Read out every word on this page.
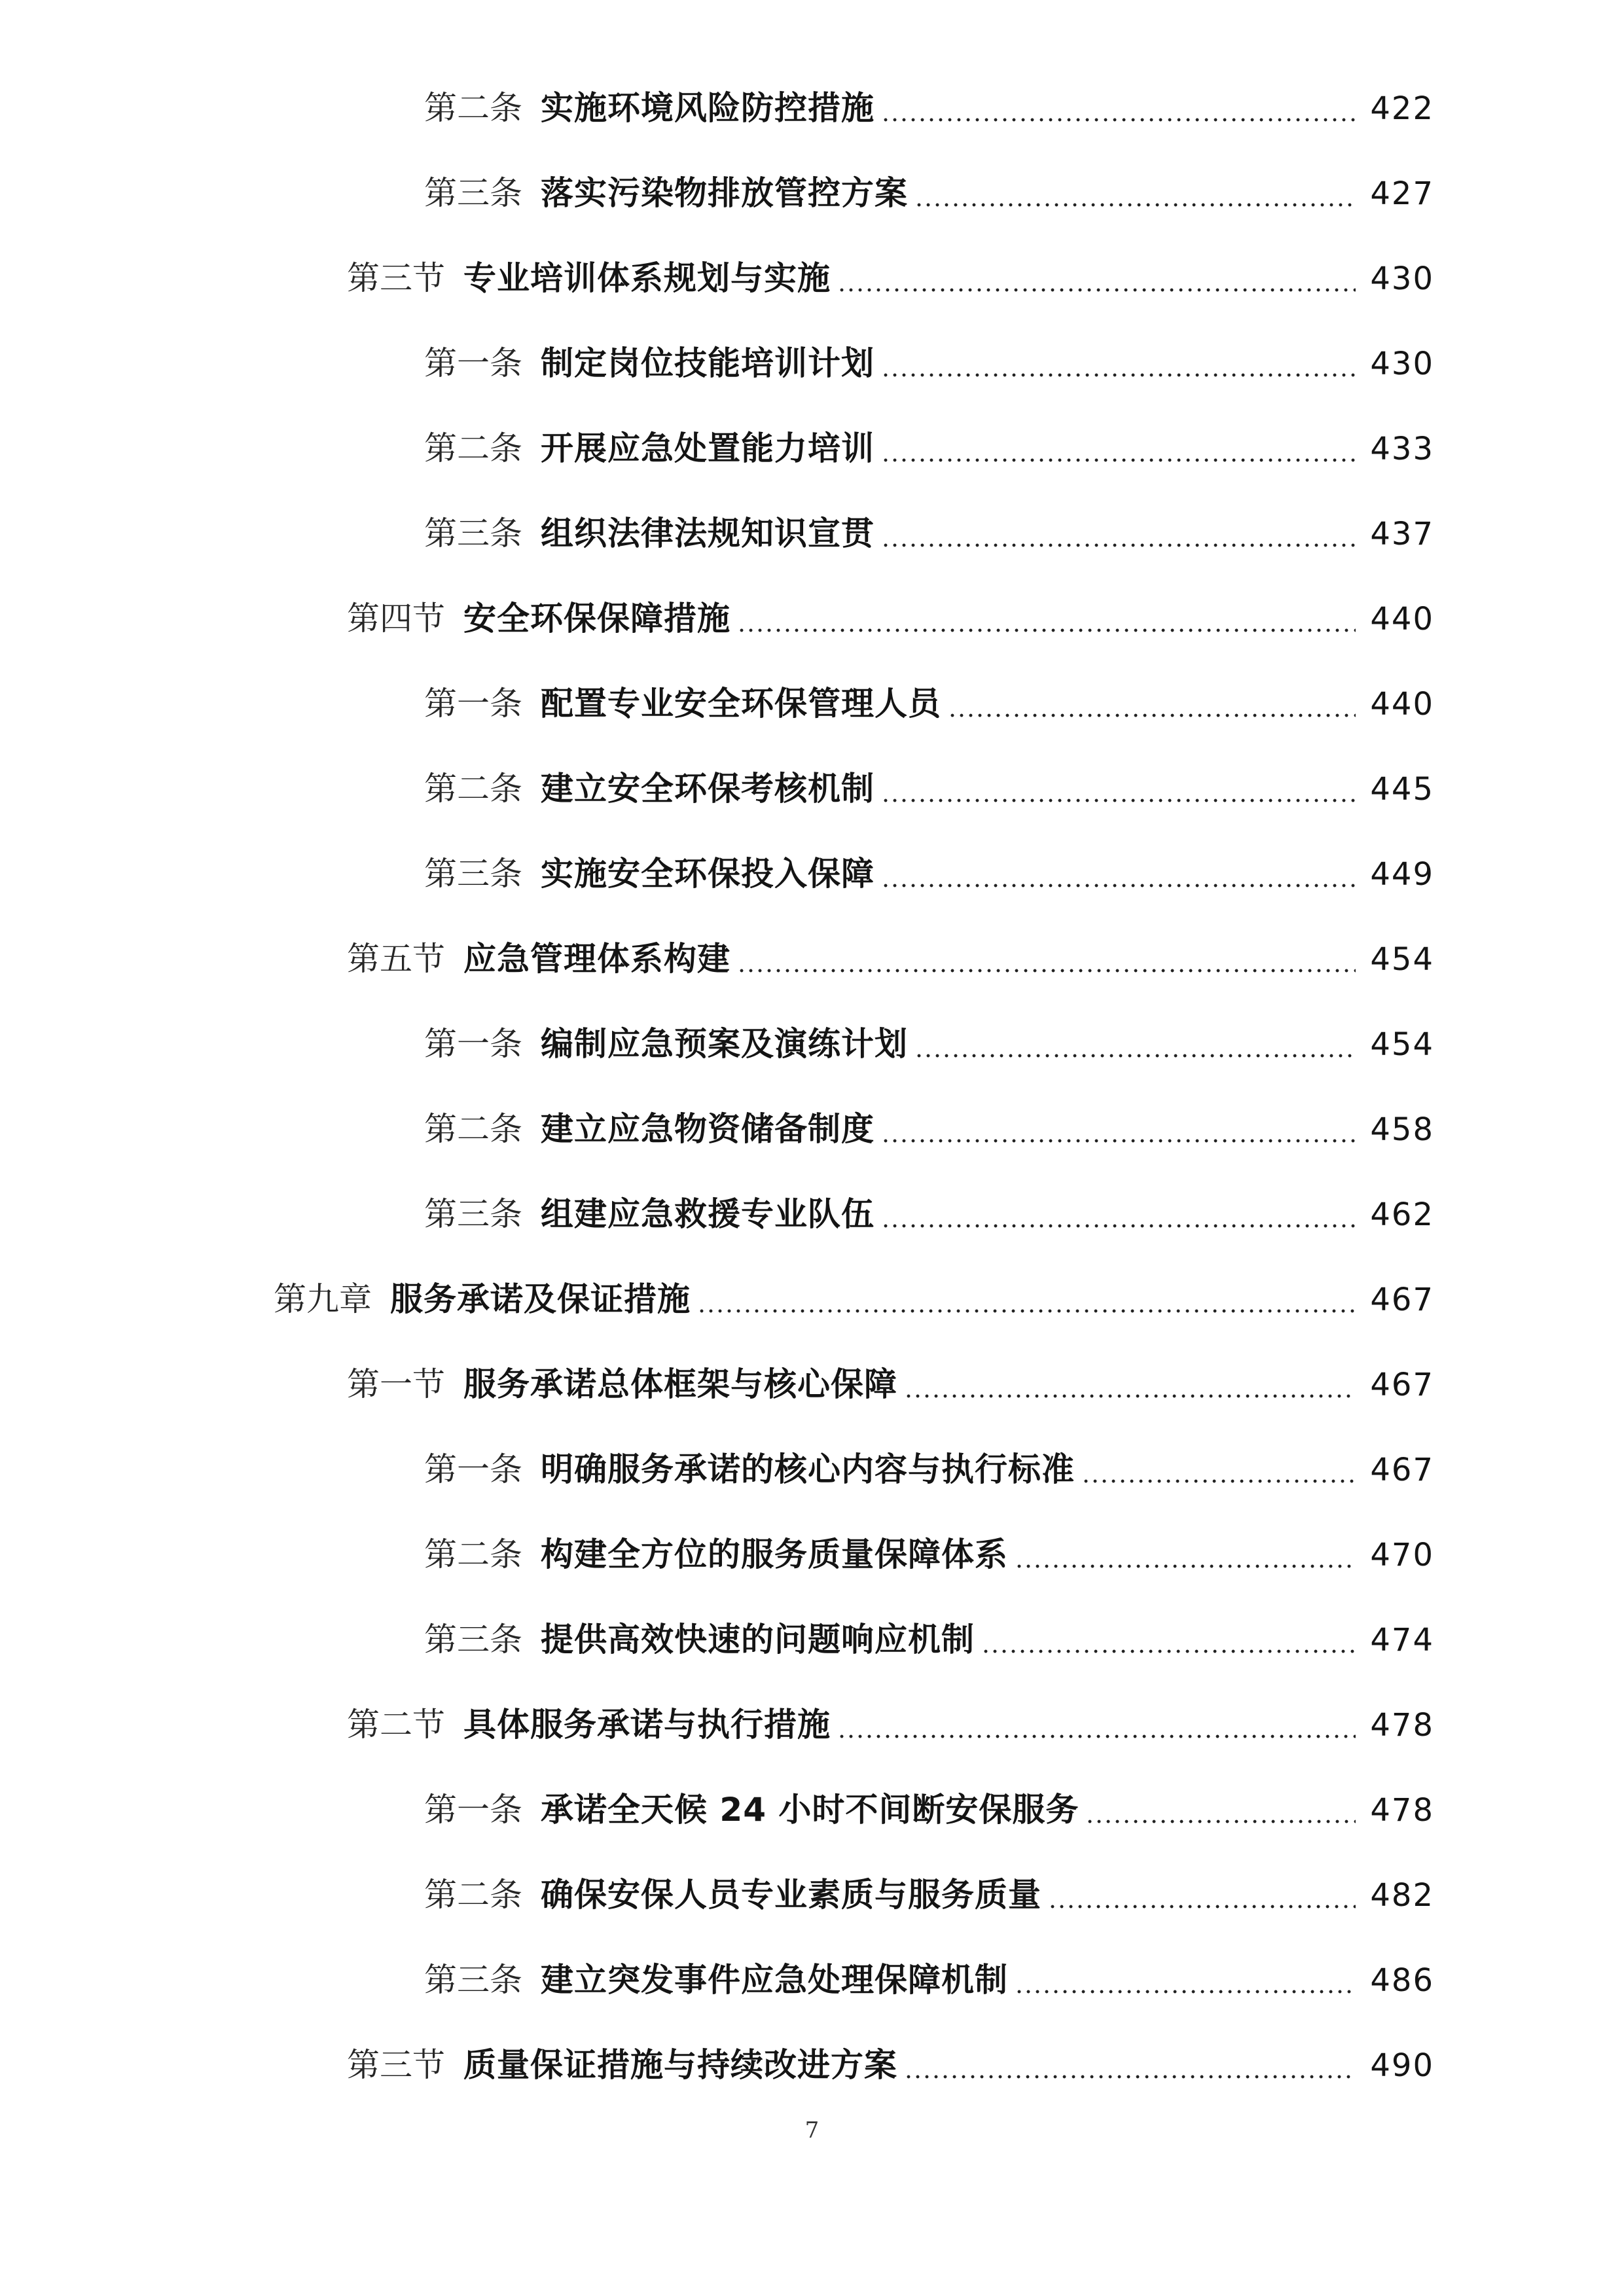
第二条 实施环境风险防控措施	422
第三条 落实污染物排放管控方案	427
第三节 专业培训体系规划与实施	430
第一条 制定岗位技能培训计划	430
第二条 开展应急处置能力培训	433
第三条 组织法律法规知识宣贯	437
第四节 安全环保保障措施	440
第一条 配置专业安全环保管理人员	440
第二条 建立安全环保考核机制	445
第三条 实施安全环保投入保障	449
第五节 应急管理体系构建	454
第一条 编制应急预案及演练计划	454
第二条 建立应急物资储备制度	458
第三条 组建应急救援专业队伍	462
第九章 服务承诺及保证措施	467
第一节 服务承诺总体框架与核心保障	467
第一条 明确服务承诺的核心内容与执行标准	467
第二条 构建全方位的服务质量保障体系	470
第三条 提供高效快速的问题响应机制	474
第二节 具体服务承诺与执行措施	478
第一条 承诺全天候 24 小时不间断安保服务	478
第二条 确保安保人员专业素质与服务质量	482
第三条 建立突发事件应急处理保障机制	486
第三节 质量保证措施与持续改进方案	490
7
